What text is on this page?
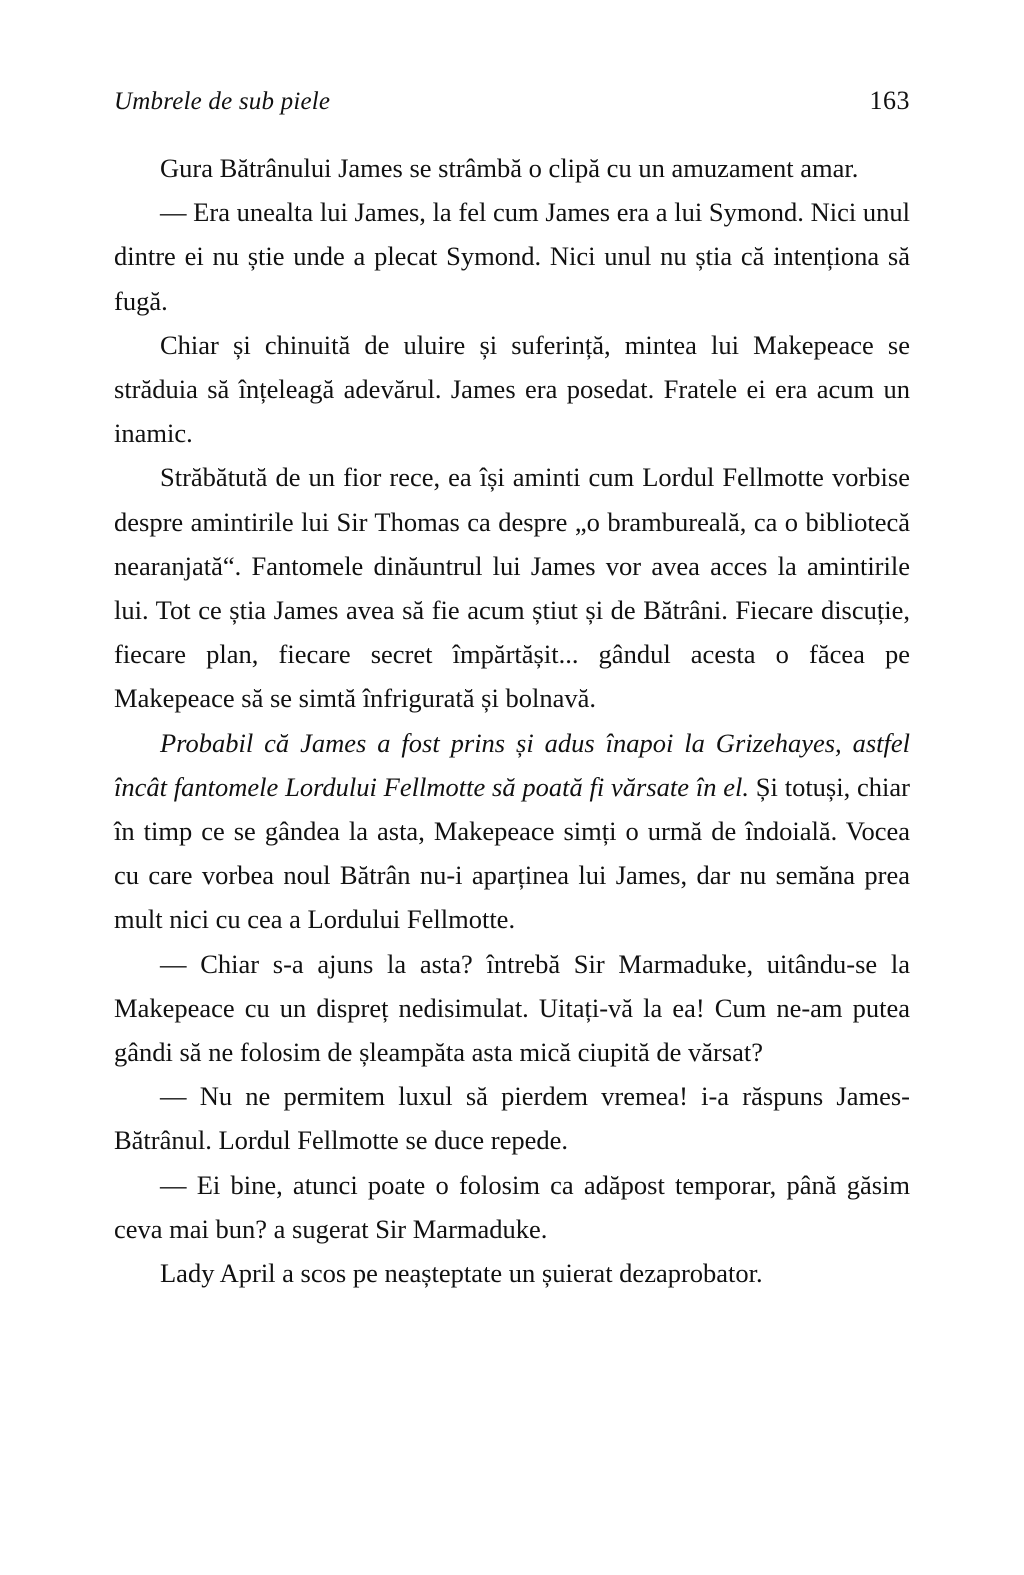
Umbrele de sub piele	163

Gura Bătrânului James se strâmbă o clipă cu un amuzament amar.

— Era unealta lui James, la fel cum James era a lui Symond. Nici unul dintre ei nu știe unde a plecat Symond. Nici unul nu știa că intenționa să fugă.

Chiar și chinuită de uluire și suferință, mintea lui Makepeace se străduia să înțeleagă adevărul. James era posedat. Fratele ei era acum un inamic.

Străbătută de un fior rece, ea își aminti cum Lordul Fellmotte vorbise despre amintirile lui Sir Thomas ca despre „o brambureală, ca o bibliotecă nearanjată“. Fantomele dinăuntrul lui James vor avea acces la amintirile lui. Tot ce știa James avea să fie acum știut și de Bătrâni. Fiecare discuție, fiecare plan, fiecare secret împărtășit... gândul acesta o făcea pe Makepeace să se simtă înfrigurată și bolnavă.

Probabil că James a fost prins și adus înapoi la Grizehayes, astfel încât fantomele Lordului Fellmotte să poată fi vărsate în el. Și totuși, chiar în timp ce se gândea la asta, Makepeace simți o urmă de îndoială. Vocea cu care vorbea noul Bătrân nu-i aparținea lui James, dar nu semăna prea mult nici cu cea a Lordului Fellmotte.

— Chiar s-a ajuns la asta? întrebă Sir Marmaduke, uitându-se la Makepeace cu un dispreț nedisimulat. Uitați-vă la ea! Cum ne-am putea gândi să ne folosim de șleampăta asta mică ciupită de vărsat?

— Nu ne permitem luxul să pierdem vremea! i-a răspuns James-Bătrânul. Lordul Fellmotte se duce repede.

— Ei bine, atunci poate o folosim ca adăpost temporar, până găsim ceva mai bun? a sugerat Sir Marmaduke.

Lady April a scos pe neașteptate un șuierat dezaprobator.
